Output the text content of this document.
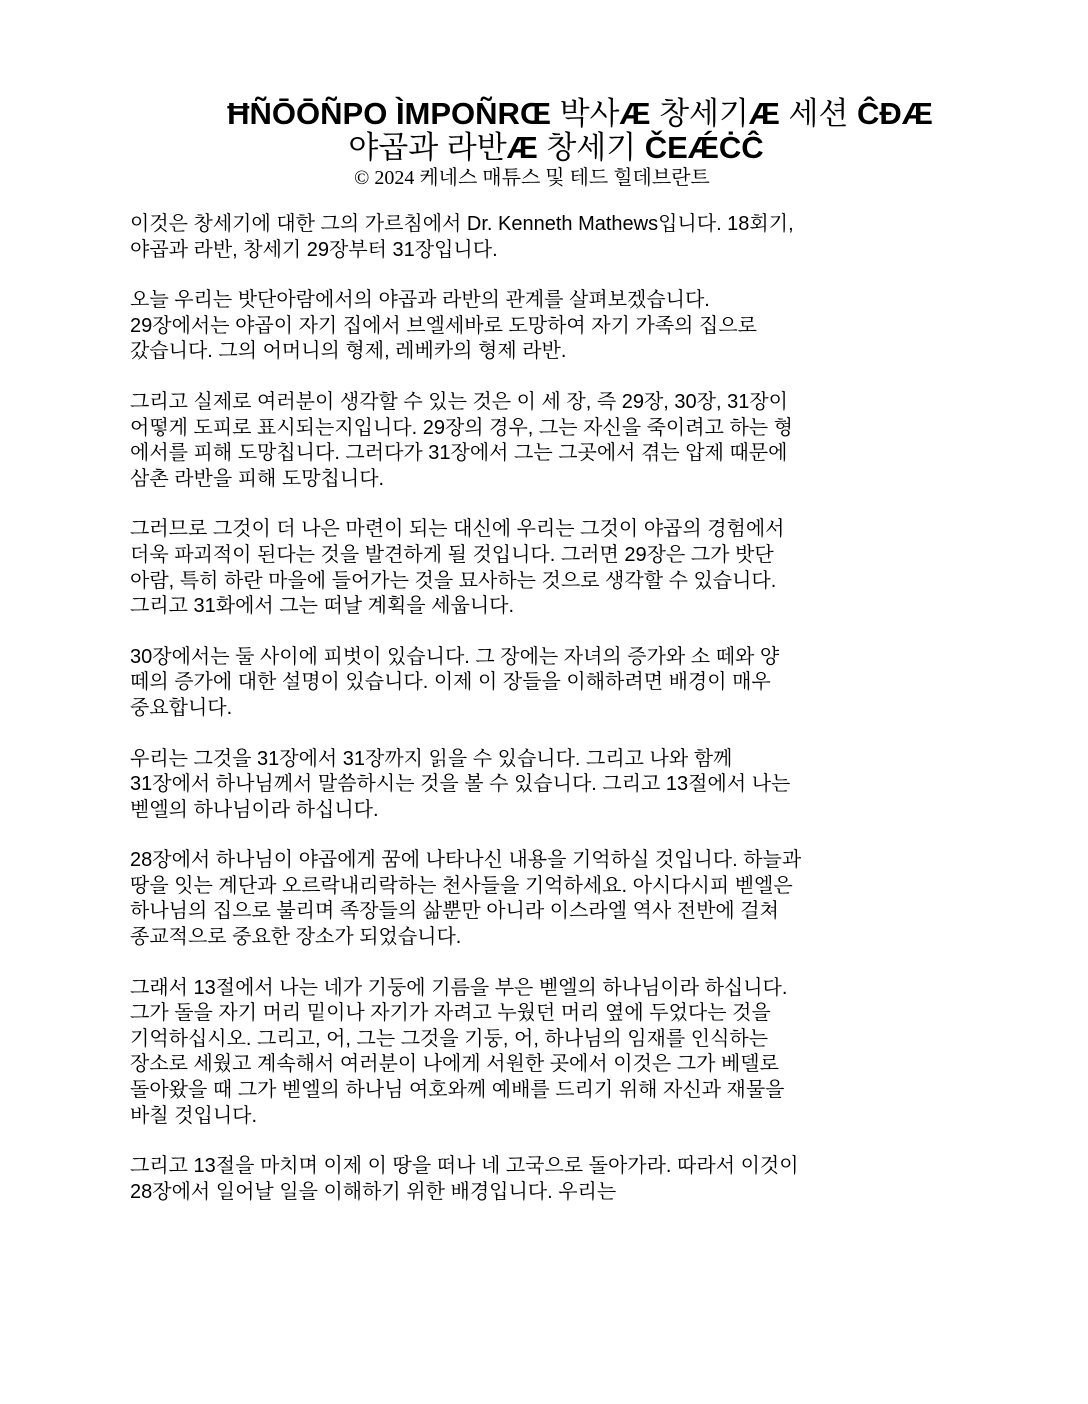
ĦÑŌŌÑPO ÌMPOÑRŒ 박사Æ 창세기Æ 세션 ĈĐÆ
야곱과 라반Æ 창세기 ČEǼĊĈ
© 2024 케네스 매튜스 및 테드 힐데브란트

이것은 창세기에 대한 그의 가르침에서 Dr. Kenneth Mathews입니다. 18회기,
야곱과 라반, 창세기 29장부터 31장입니다.

오늘 우리는 밧단아람에서의 야곱과 라반의 관계를 살펴보겠습니다.
29장에서는 야곱이 자기 집에서 브엘세바로 도망하여 자기 가족의 집으로
갔습니다. 그의 어머니의 형제, 레베카의 형제 라반.

그리고 실제로 여러분이 생각할 수 있는 것은 이 세 장, 즉 29장, 30장, 31장이
어떻게 도피로 표시되는지입니다. 29장의 경우, 그는 자신을 죽이려고 하는 형
에서를 피해 도망칩니다. 그러다가 31장에서 그는 그곳에서 겪는 압제 때문에
삼촌 라반을 피해 도망칩니다.

그러므로 그것이 더 나은 마련이 되는 대신에 우리는 그것이 야곱의 경험에서
더욱 파괴적이 된다는 것을 발견하게 될 것입니다. 그러면 29장은 그가 밧단
아람, 특히 하란 마을에 들어가는 것을 묘사하는 것으로 생각할 수 있습니다.
그리고 31화에서 그는 떠날 계획을 세웁니다.

30장에서는 둘 사이에 피벗이 있습니다. 그 장에는 자녀의 증가와 소 떼와 양
떼의 증가에 대한 설명이 있습니다. 이제 이 장들을 이해하려면 배경이 매우
중요합니다.

우리는 그것을 31장에서 31장까지 읽을 수 있습니다. 그리고 나와 함께
31장에서 하나님께서 말씀하시는 것을 볼 수 있습니다. 그리고 13절에서 나는
벧엘의 하나님이라 하십니다.

28장에서 하나님이 야곱에게 꿈에 나타나신 내용을 기억하실 것입니다. 하늘과
땅을 잇는 계단과 오르락내리락하는 천사들을 기억하세요. 아시다시피 벧엘은
하나님의 집으로 불리며 족장들의 삶뿐만 아니라 이스라엘 역사 전반에 걸쳐
종교적으로 중요한 장소가 되었습니다.

그래서 13절에서 나는 네가 기둥에 기름을 부은 벧엘의 하나님이라 하십니다.
그가 돌을 자기 머리 밑이나 자기가 자려고 누웠던 머리 옆에 두었다는 것을
기억하십시오. 그리고, 어, 그는 그것을 기둥, 어, 하나님의 임재를 인식하는
장소로 세웠고 계속해서 여러분이 나에게 서원한 곳에서 이것은 그가 베델로
돌아왔을 때 그가 벧엘의 하나님 여호와께 예배를 드리기 위해 자신과 재물을
바칠 것입니다.

그리고 13절을 마치며 이제 이 땅을 떠나 네 고국으로 돌아가라. 따라서 이것이
28장에서 일어날 일을 이해하기 위한 배경입니다. 우리는
